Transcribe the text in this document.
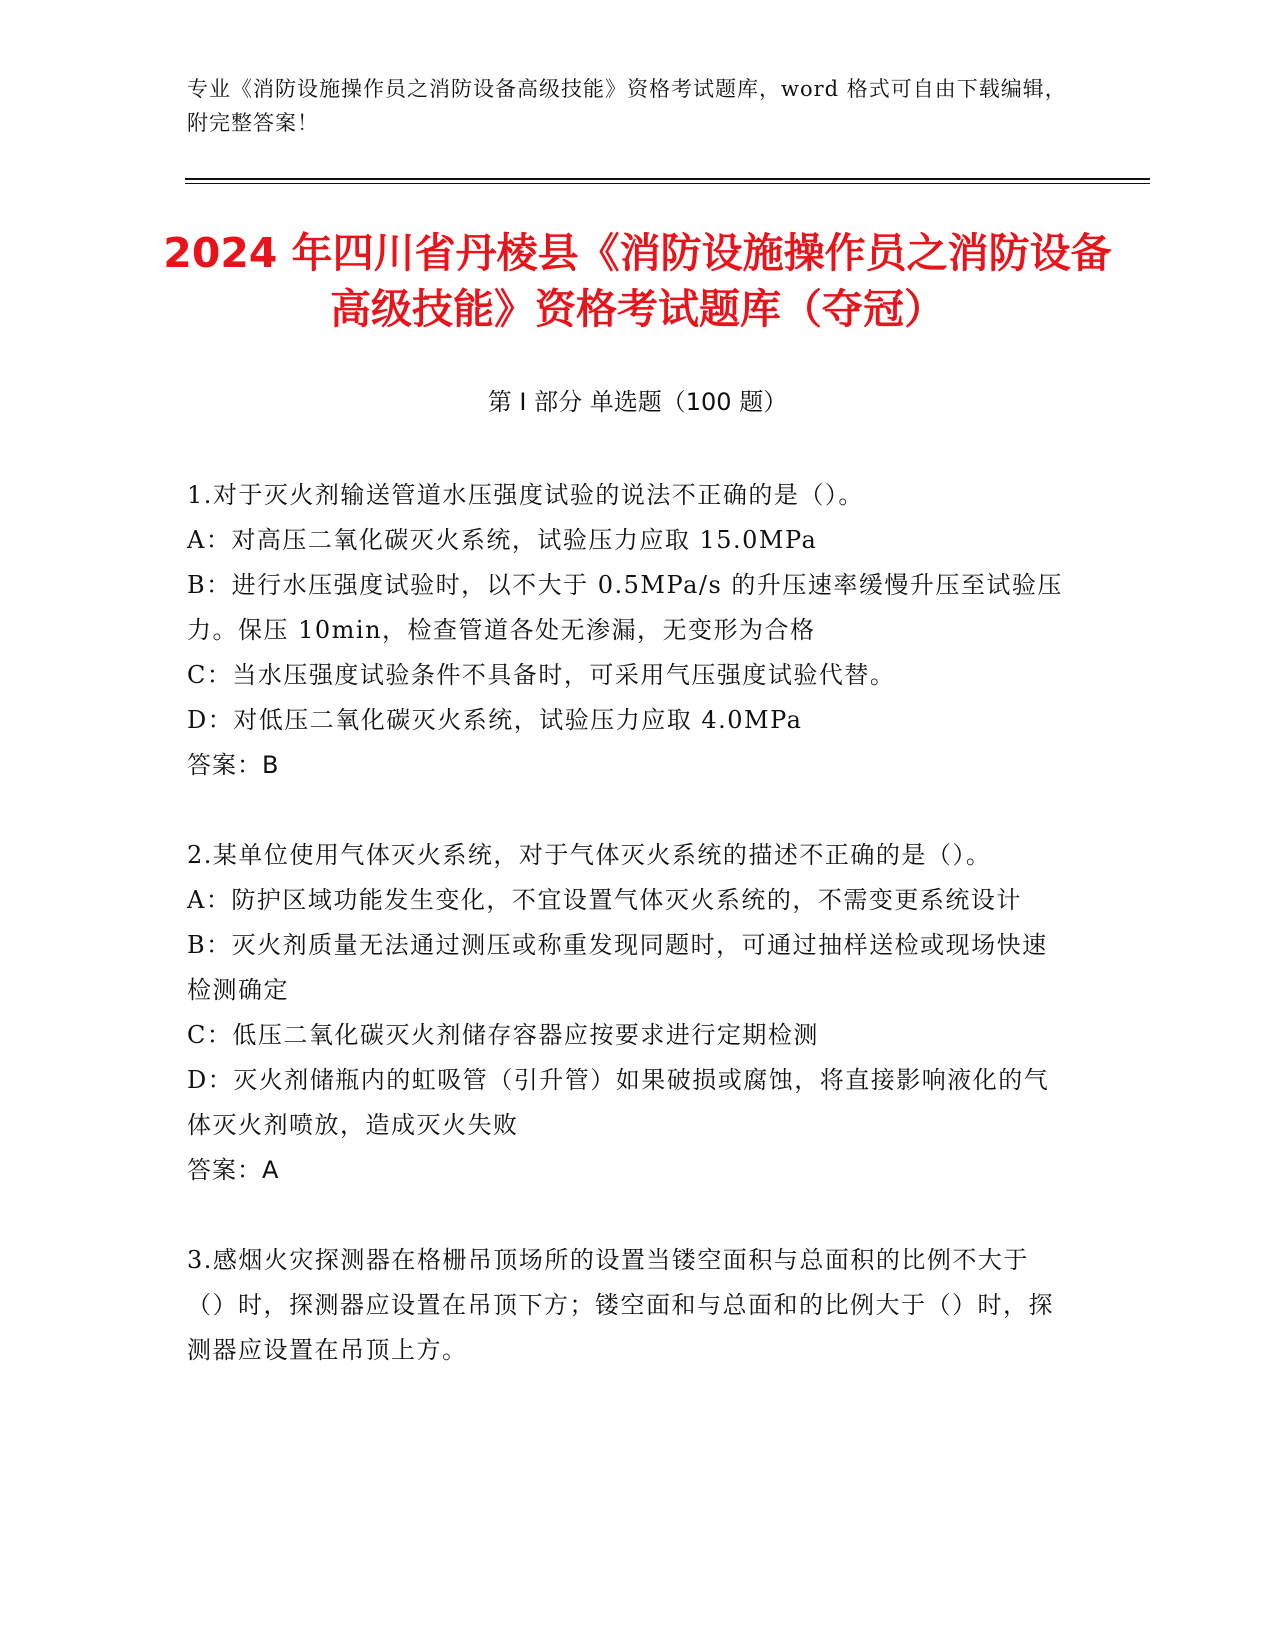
专业《消防设施操作员之消防设备高级技能》资格考试题库，word 格式可自由下载编辑，附完整答案！
2024 年四川省丹棱县《消防设施操作员之消防设备高级技能》资格考试题库（夺冠）
第 I 部分 单选题（100 题）

1.对于灭火剂输送管道水压强度试验的说法不正确的是（）。

A：对高压二氧化碳灭火系统，试验压力应取 15.0MPa

B：进行水压强度试验时，以不大于 0.5MPa/s 的升压速率缓慢升压至试验压力。保压 10min，检查管道各处无渗漏，无变形为合格

C：当水压强度试验条件不具备时，可采用气压强度试验代替。

D：对低压二氧化碳灭火系统，试验压力应取 4.0MPa

答案：B

2.某单位使用气体灭火系统，对于气体灭火系统的描述不正确的是（）。

A：防护区域功能发生变化，不宜设置气体灭火系统的，不需变更系统设计

B：灭火剂质量无法通过测压或称重发现同题时，可通过抽样送检或现场快速检测确定

C：低压二氧化碳灭火剂储存容器应按要求进行定期检测

D：灭火剂储瓶内的虹吸管（引升管）如果破损或腐蚀，将直接影响液化的气体灭火剂喷放，造成灭火失败

答案：A

3.感烟火灾探测器在格栅吊顶场所的设置当镂空面积与总面积的比例不大于（）时，探测器应设置在吊顶下方；镂空面和与总面和的比例大于（）时，探测器应设置在吊顶上方。
